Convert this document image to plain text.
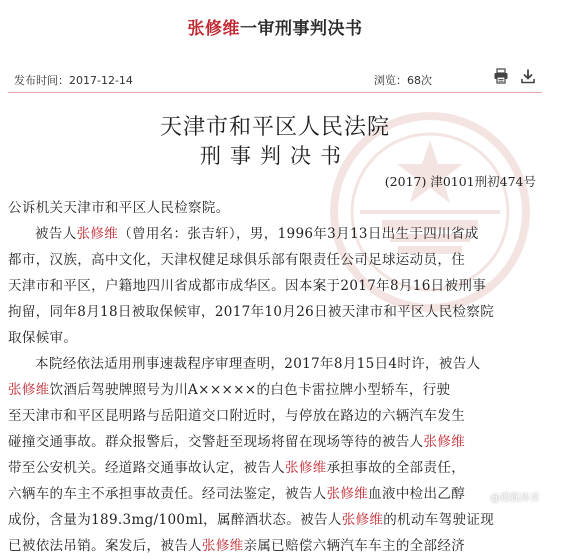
张修维一审刑事判决书
发布时间：2017-12-14	浏览：68次

天津市和平区人民法院
刑事判决书
(2017) 津0101刑初474号

公诉机关天津市和平区人民检察院。

被告人张修维（曾用名：张吉轩），男，1996年3月13日出生于四川省成

都市，汉族，高中文化，天津权健足球俱乐部有限责任公司足球运动员，住

天津市和平区，户籍地四川省成都市成华区。因本案于2017年8月16日被刑事

拘留，同年8月18日被取保候审，2017年10月26日被天津市和平区人民检察院

取保候审。

本院经依法适用刑事速裁程序审理查明，2017年8月15日4时许，被告人

张修维饮酒后驾驶牌照号为川A×××××的白色卡雷拉牌小型轿车，行驶

至天津市和平区昆明路与岳阳道交口附近时，与停放在路边的六辆汽车发生

碰撞交通事故。群众报警后，交警赶至现场将留在现场等待的被告人张修维

带至公安机关。经道路交通事故认定，被告人张修维承担事故的全部责任，

六辆车的车主不承担事故责任。经司法鉴定，被告人张修维血液中检出乙醇

成份，含量为189.3mg/100ml，属醉酒状态。被告人张修维的机动车驾驶证现

已被依法吊销。案发后，被告人张修维亲属已赔偿六辆汽车车主的全部经济

@搜狐体育
